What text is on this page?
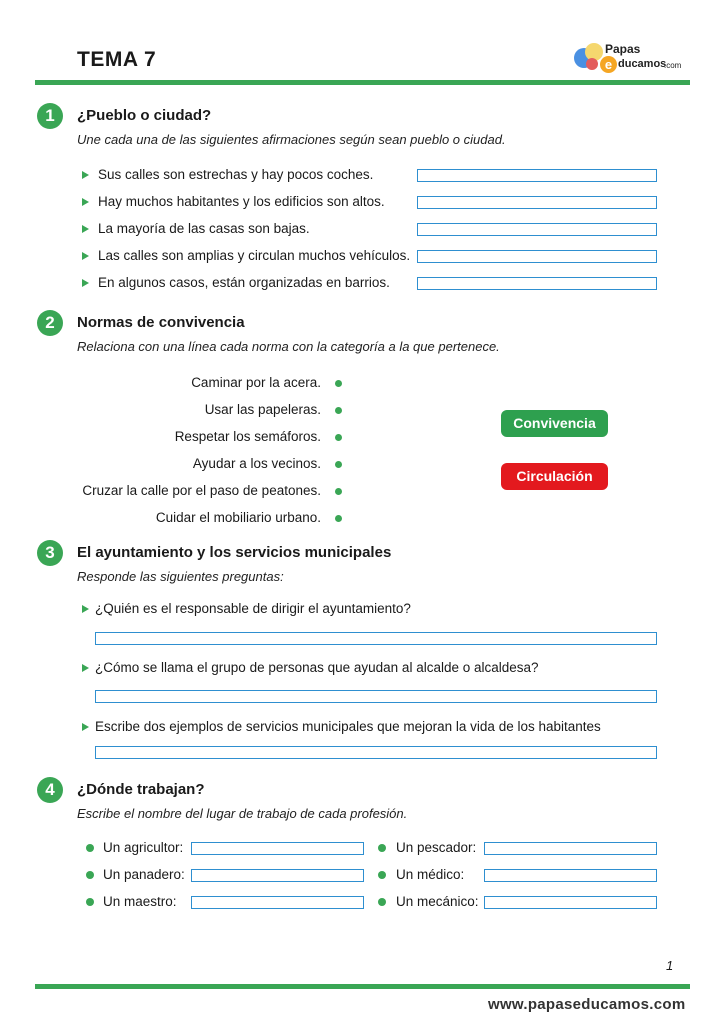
TEMA 7	Papas
e ducamos
.com
1	¿Pueblo o ciudad?
Une cada una de las siguientes afirmaciones según sean pueblo o ciudad.
Sus calles son estrechas y hay pocos coches.
Hay muchos habitantes y los edificios son altos.
La mayoría de las casas son bajas.
Las calles son amplias y circulan muchos vehículos.
En algunos casos, están organizadas en barrios.
2	Normas de convivencia
Relaciona con una línea cada norma con la categoría a la que pertenece.
Caminar por la acera.
Usar las papeleras.
Respetar los semáforos.
Ayudar a los vecinos.
Cruzar la calle por el paso de peatones.
Cuidar el mobiliario urbano.
Convivencia
Circulación
3	El ayuntamiento y los servicios municipales
Responde las siguientes preguntas:
¿Quién es el responsable de dirigir el ayuntamiento?
¿Cómo se llama el grupo de personas que ayudan al alcalde o alcaldesa?
Escribe dos ejemplos de servicios municipales que mejoran la vida de los habitantes
4	¿Dónde trabajan?
Escribe el nombre del lugar de trabajo de cada profesión.
Un agricultor:
Un panadero:
Un maestro:
Un pescador:
Un médico:
Un mecánico:
1
www.papaseducamos.com
